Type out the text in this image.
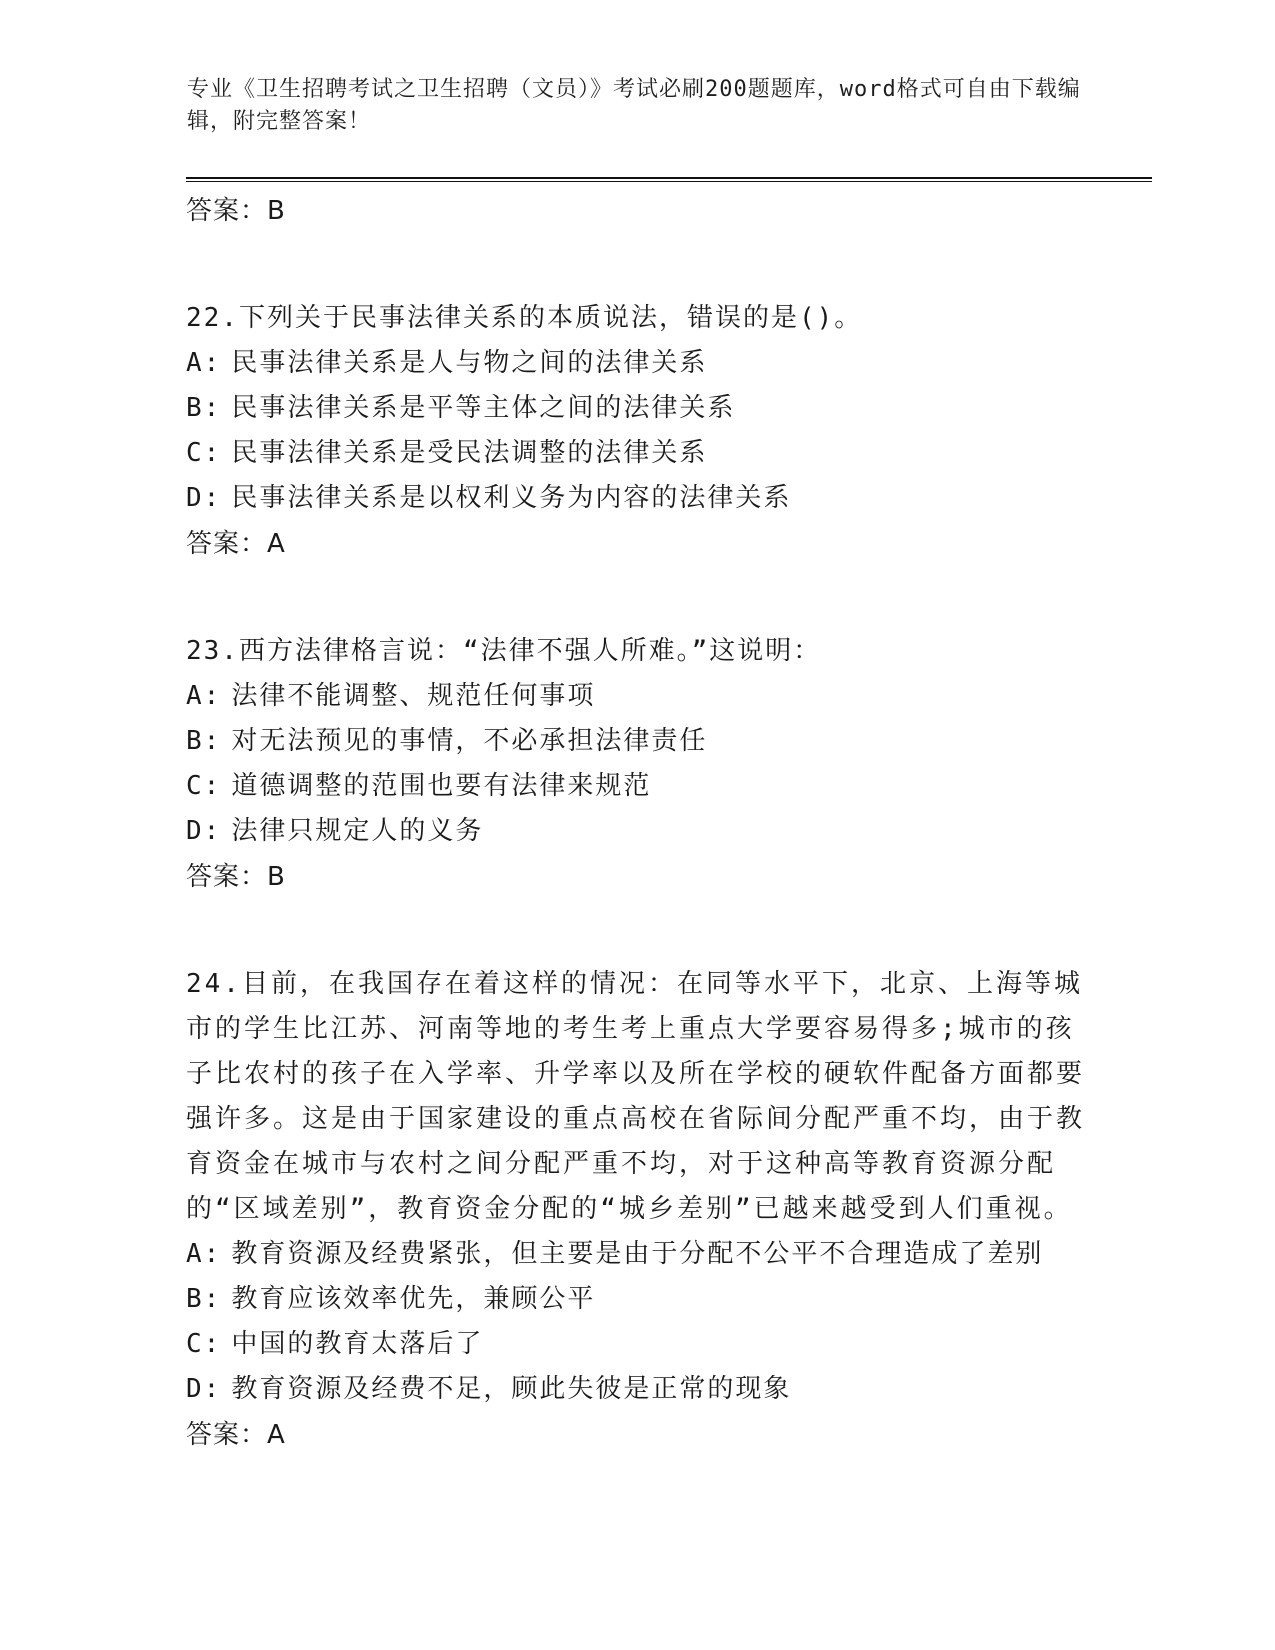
专业《卫生招聘考试之卫生招聘（文员）》考试必刷200题题库，word格式可自由下载编辑，附完整答案！
答案：B
22.下列关于民事法律关系的本质说法，错误的是()。
A: 民事法律关系是人与物之间的法律关系
B: 民事法律关系是平等主体之间的法律关系
C: 民事法律关系是受民法调整的法律关系
D: 民事法律关系是以权利义务为内容的法律关系
答案：A
23.西方法律格言说：“法律不强人所难。”这说明：
A: 法律不能调整、规范任何事项
B: 对无法预见的事情，不必承担法律责任
C: 道德调整的范围也要有法律来规范
D: 法律只规定人的义务
答案：B
24.目前，在我国存在着这样的情况：在同等水平下，北京、上海等城市的学生比江苏、河南等地的考生考上重点大学要容易得多;城市的孩子比农村的孩子在入学率、升学率以及所在学校的硬软件配备方面都要强许多。这是由于国家建设的重点高校在省际间分配严重不均，由于教育资金在城市与农村之间分配严重不均，对于这种高等教育资源分配的“区域差别”，教育资金分配的“城乡差别”已越来越受到人们重视。
A: 教育资源及经费紧张，但主要是由于分配不公平不合理造成了差别
B: 教育应该效率优先，兼顾公平
C: 中国的教育太落后了
D: 教育资源及经费不足，顾此失彼是正常的现象
答案：A
